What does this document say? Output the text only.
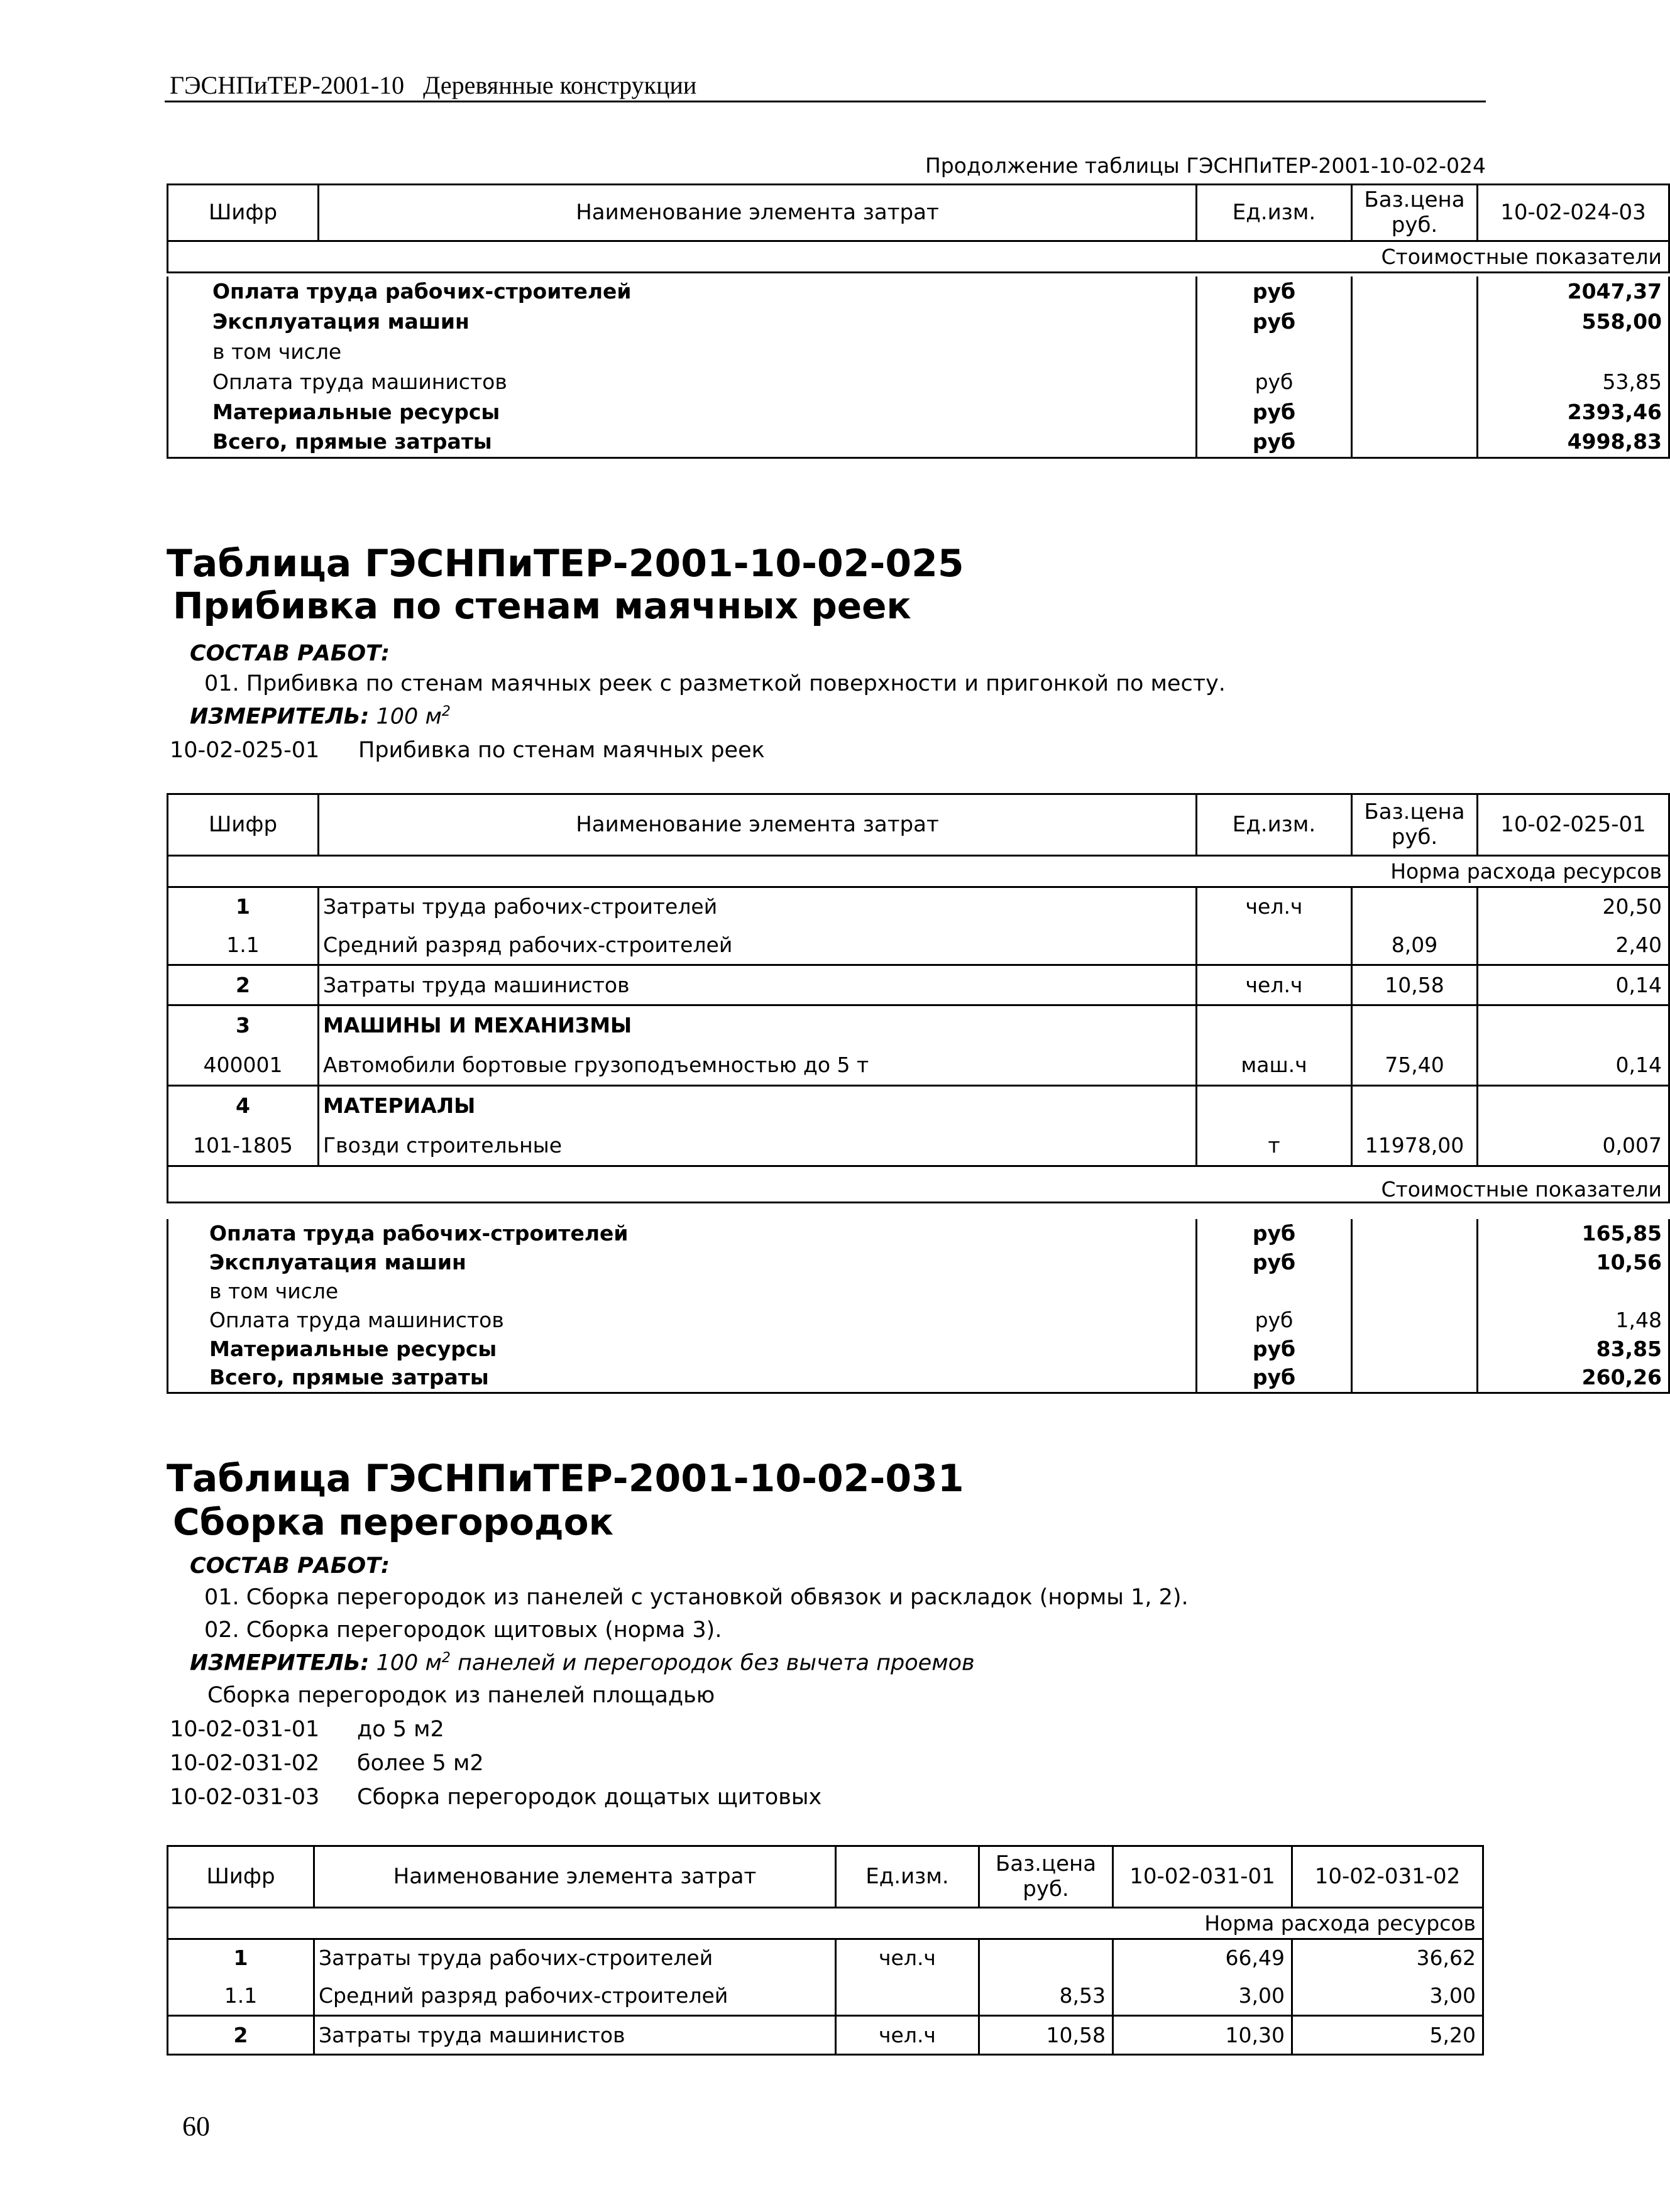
ГЭСНПиТЕР-2001-10 Деревянные конструкции
Продолжение таблицы ГЭСНПиТЕР-2001-10-02-024
Шифр	Наименование элемента затрат	Ед.изм.	Баз.цена руб.	10-02-024-03
Стоимостные показатели
Оплата труда рабочих-строителей	руб		2047,37
Эксплуатация машин	руб		558,00
в том числе			
Оплата труда машинистов	руб		53,85
Материальные ресурсы	руб		2393,46
Всего, прямые затраты	руб		4998,83
Таблица ГЭСНПиТЕР-2001-10-02-025
Прибивка по стенам маячных реек
СОСТАВ РАБОТ:
01. Прибивка по стенам маячных реек с разметкой поверхности и пригонкой по месту.
ИЗМЕРИТЕЛЬ: 100 $м^2$
10-02-025-01 Прибивка по стенам маячных реек
Шифр	Наименование элемента затрат	Ед.изм.	Баз.цена руб.	10-02-025-01
Норма расхода ресурсов				
1	Затраты труда рабочих-строителей	чел.ч		20,50
1.1	Средний разряд рабочих-строителей		8,09	2,40
2	Затраты труда машинистов	чел.ч	10,58	0,14
3	МАШИНЫ И МЕХАНИЗМЫ			
400001	Автомобили бортовые грузоподъемностью до 5 т	маш.ч	75,40	0,14
4	МАТЕРИАЛЫ			
101-1805	Гвозди строительные	т	11978,00	0,007
Стоимостные показатели				
Оплата труда рабочих-строителей	руб		165,85
Эксплуатация машин	руб		10,56
в том числе			
Оплата труда машинистов	руб		1,48
Материальные ресурсы	руб		83,85
Всего, прямые затраты	руб		260,26
Таблица ГЭСНПиТЕР-2001-10-02-031
Сборка перегородок
СОСТАВ РАБОТ:
01. Сборка перегородок из панелей с установкой обвязок и раскладок (нормы 1, 2).
02. Сборка перегородок щитовых (норма 3).
ИЗМЕРИТЕЛЬ: 100 $м^2$ панелей и перегородок без вычета проемов
Сборка перегородок из панелей площадью
10-02-031-01 до 5 м2
10-02-031-02 более 5 м2
10-02-031-03 Сборка перегородок дощатых щитовых
Шифр	Наименование элемента затрат	Ед.изм.	Баз.цена руб.	10-02-031-01	10-02-031-02
Норма расхода ресурсов					
1	Затраты труда рабочих-строителей	чел.ч		66,49	36,62
1.1	Средний разряд рабочих-строителей		8,53	3,00	3,00
2	Затраты труда машинистов	чел.ч	10,58	10,30	5,20
60
